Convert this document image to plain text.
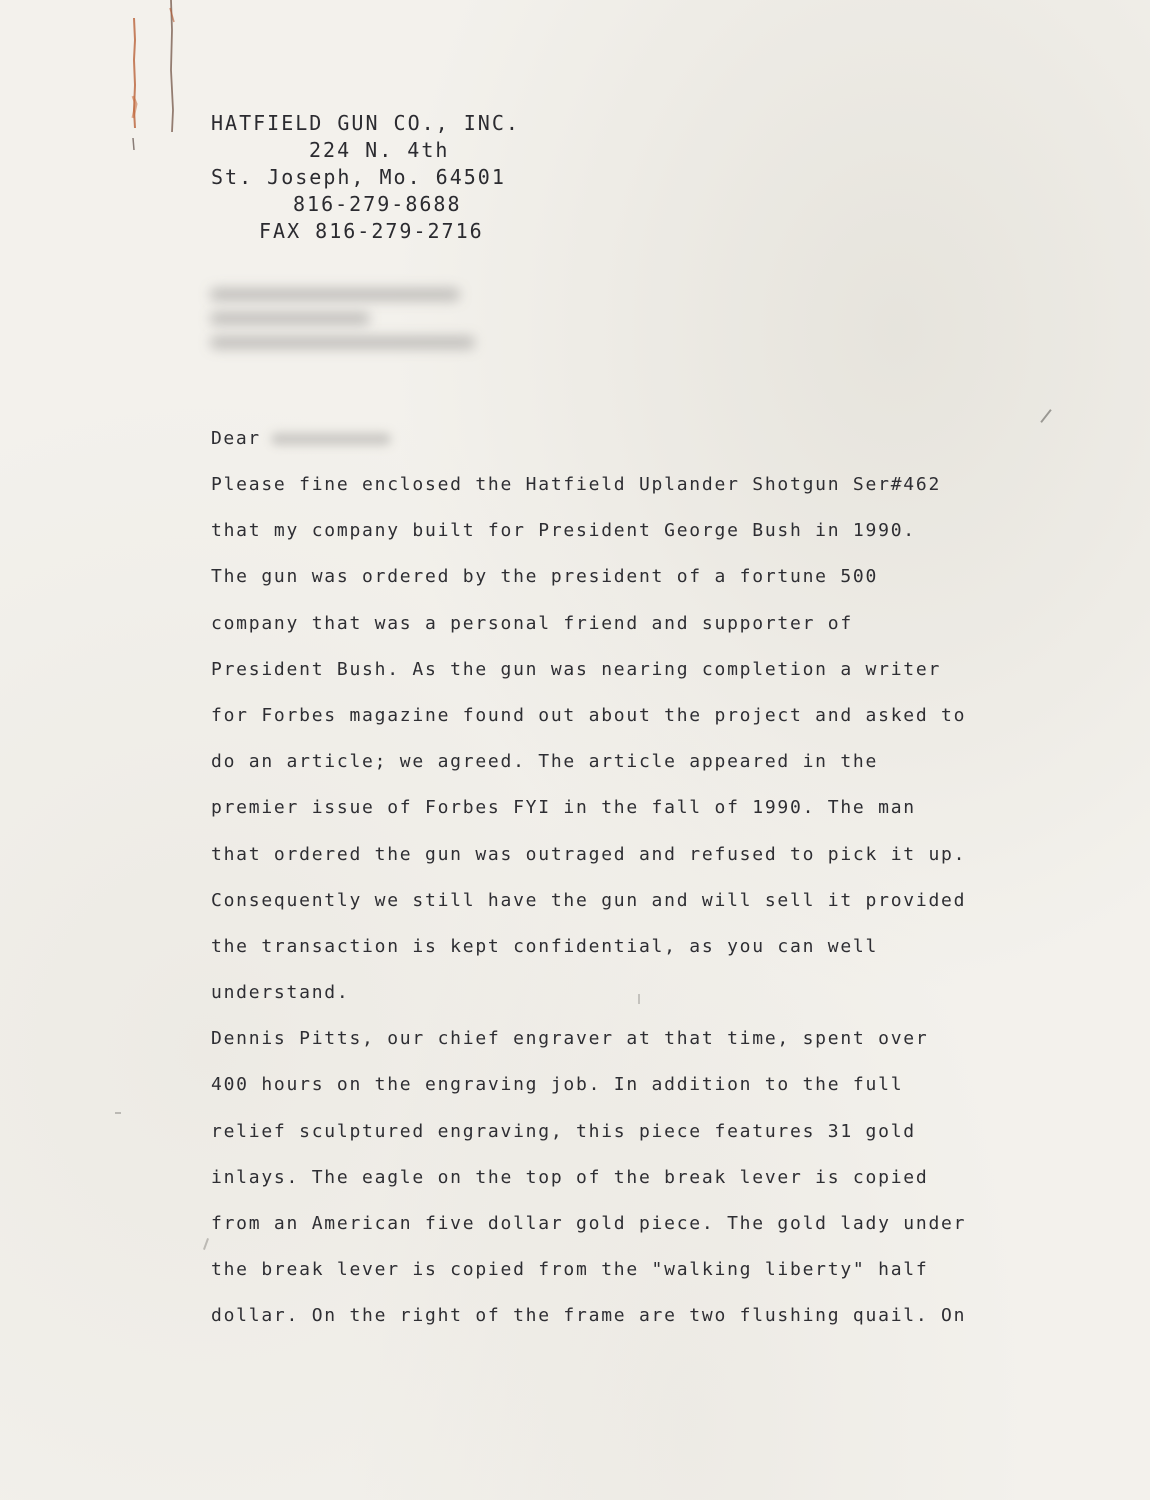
HATFIELD GUN CO., INC.
224 N. 4th
St. Joseph, Mo. 64501
816-279-8688
FAX 816-279-2716
Dear
Please fine enclosed the Hatfield Uplander Shotgun Ser#462
that my company built for President George Bush in 1990.
The gun was ordered by the president of a fortune 500
company that was a personal friend and supporter of
President Bush. As the gun was nearing completion a writer
for Forbes magazine found out about the project and asked to
do an article; we agreed. The article appeared in the
premier issue of Forbes FYI in the fall of 1990. The man
that ordered the gun was outraged and refused to pick it up.
Consequently we still have the gun and will sell it provided
the transaction is kept confidential, as you can well
understand.
Dennis Pitts, our chief engraver at that time, spent over
400 hours on the engraving job. In addition to the full
relief sculptured engraving, this piece features 31 gold
inlays. The eagle on the top of the break lever is copied
from an American five dollar gold piece. The gold lady under
the break lever is copied from the "walking liberty" half
dollar. On the right of the frame are two flushing quail. On
